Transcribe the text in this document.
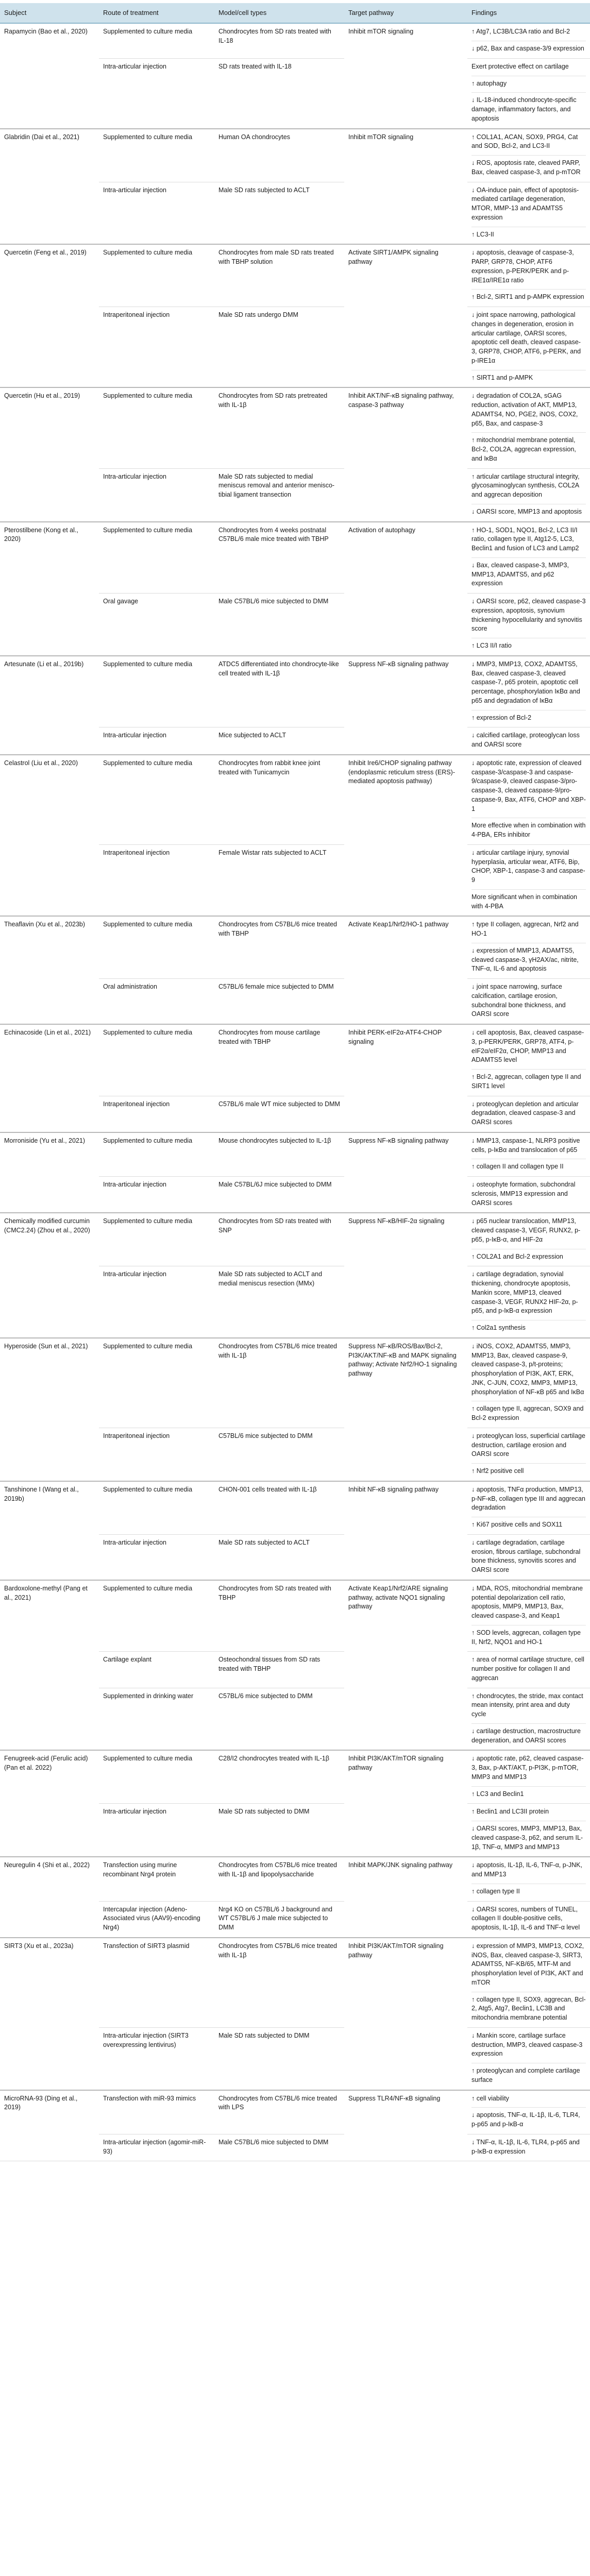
Subject	Route of treatment	Model/cell types	Target pathway	Findings
Rapamycin (Bao et al., 2020)	Supplemented to culture media	Chondrocytes from SD rats treated with IL-18	Inhibit mTOR signaling	↑ Atg7, LC3B/LC3A ratio and Bcl-2
↓ p62, Bax and caspase-3/9 expression

	Intra-articular injection	SD rats treated with IL-18		Exert protective effect on cartilage
↑ autophagy
↓ IL-18-induced chondrocyte-specific damage, inflammatory factors, and apoptosis

Glabridin (Dai et al., 2021)	Supplemented to culture media	Human OA chondrocytes	Inhibit mTOR signaling	↑ COL1A1, ACAN, SOX9, PRG4, Cat and SOD, Bcl-2, and LC3-II
↓ ROS, apoptosis rate, cleaved PARP, Bax, cleaved caspase-3, and p-mTOR

	Intra-articular injection	Male SD rats subjected to ACLT		↓ OA-induce pain, effect of apoptosis-mediated cartilage degeneration, MTOR, MMP-13 and ADAMTS5 expression
↑ LC3-II

Quercetin (Feng et al., 2019)	Supplemented to culture media	Chondrocytes from male SD rats treated with TBHP solution	Activate SIRT1/AMPK signaling pathway	↓ apoptosis, cleavage of caspase-3, PARP, GRP78, CHOP, ATF6 expression, p-PERK/PERK and p-IRE1α/IRE1α ratio
↑ Bcl-2, SIRT1 and p-AMPK expression

	Intraperitoneal injection	Male SD rats undergo DMM		↓ joint space narrowing, pathological changes in degeneration, erosion in articular cartilage, OARSI scores, apoptotic cell death, cleaved caspase-3, GRP78, CHOP, ATF6, p-PERK, and p-IRE1α
↑ SIRT1 and p-AMPK

Quercetin (Hu et al., 2019)	Supplemented to culture media	Chondrocytes from SD rats pretreated with IL-1β	Inhibit AKT/NF-κB signaling pathway, caspase-3 pathway	↓ degradation of COL2A, sGAG reduction, activation of AKT, MMP13, ADAMTS4, NO, PGE2, iNOS, COX2, p65, Bax, and caspase-3
↑ mitochondrial membrane potential, Bcl-2, COL2A, aggrecan expression, and IκBα

	Intra-articular injection	Male SD rats subjected to medial meniscus removal and anterior menisco-tibial ligament transection		↑ articular cartilage structural integrity, glycosaminoglycan synthesis, COL2A and aggrecan deposition
↓ OARSI score, MMP13 and apoptosis

Pterostilbene (Kong et al., 2020)	Supplemented to culture media	Chondrocytes from 4 weeks postnatal C57BL/6 male mice treated with TBHP	Activation of autophagy	↑ HO-1, SOD1, NQO1, Bcl-2, LC3 II/I ratio, collagen type II, Atg12-5, LC3, Beclin1 and fusion of LC3 and Lamp2
↓ Bax, cleaved caspase-3, MMP3, MMP13, ADAMTS5, and p62 expression

	Oral gavage	Male C57BL/6 mice subjected to DMM		↓ OARSI score, p62, cleaved caspase-3 expression, apoptosis, synovium thickening hypocellularity and synovitis score
↑ LC3 II/I ratio

Artesunate (Li et al., 2019b)	Supplemented to culture media	ATDC5 differentiated into chondrocyte-like cell treated with IL-1β	Suppress NF-κB signaling pathway	↓ MMP3, MMP13, COX2, ADAMTS5, Bax, cleaved caspase-3, cleaved caspase-7, p65 protein, apoptotic cell percentage, phosphorylation IκBα and p65 and degradation of IκBα
↑ expression of Bcl-2

	Intra-articular injection	Mice subjected to ACLT		↓ calcified cartilage, proteoglycan loss and OARSI score

Celastrol (Liu et al., 2020)	Supplemented to culture media	Chondrocytes from rabbit knee joint treated with Tunicamycin	Inhibit Ire6/CHOP signaling pathway (endoplasmic reticulum stress (ERS)-mediated apoptosis pathway)	↓ apoptotic rate, expression of cleaved caspase-3/caspase-3 and caspase-9/caspase-9, cleaved caspase-3/pro-caspase-3, cleaved caspase-9/pro-caspase-9, Bax, ATF6, CHOP and XBP-1
More effective when in combination with 4-PBA, ERs inhibitor

	Intraperitoneal injection	Female Wistar rats subjected to ACLT		↓ articular cartilage injury, synovial hyperplasia, articular wear, ATF6, Bip, CHOP, XBP-1, caspase-3 and caspase-9
More significant when in combination with 4-PBA

Theaflavin (Xu et al., 2023b)	Supplemented to culture media	Chondrocytes from C57BL/6 mice treated with TBHP	Activate Keap1/Nrf2/HO-1 pathway	↑ type II collagen, aggrecan, Nrf2 and HO-1
↓ expression of MMP13, ADAMTS5, cleaved caspase-3, γH2AX/ac, nitrite, TNF-α, IL-6 and apoptosis

	Oral administration	C57BL/6 female mice subjected to DMM		↓ joint space narrowing, surface calcification, cartilage erosion, subchondral bone thickness, and OARSI score

Echinacoside (Lin et al., 2021)	Supplemented to culture media	Chondrocytes from mouse cartilage treated with TBHP	Inhibit PERK-eIF2α-ATF4-CHOP signaling	↓ cell apoptosis, Bax, cleaved caspase-3, p-PERK/PERK, GRP78, ATF4, p-eIF2α/eIF2α, CHOP, MMP13 and ADAMTS5 level
↑ Bcl-2, aggrecan, collagen type II and SIRT1 level

	Intraperitoneal injection	C57BL/6 male WT mice subjected to DMM		↓ proteoglycan depletion and articular degradation, cleaved caspase-3 and OARSI scores

Morroniside (Yu et al., 2021)	Supplemented to culture media	Mouse chondrocytes subjected to IL-1β	Suppress NF-κB signaling pathway	↓ MMP13, caspase-1, NLRP3 positive cells, p-IκBα and translocation of p65
↑ collagen II and collagen type II

	Intra-articular injection	Male C57BL/6J mice subjected to DMM		↓ osteophyte formation, subchondral sclerosis, MMP13 expression and OARSI scores

Chemically modified curcumin (CMC2.24) (Zhou et al., 2020)	Supplemented to culture media	Chondrocytes from SD rats treated with SNP	Suppress NF-κB/HIF-2α signaling	↓ p65 nuclear translocation, MMP13, cleaved caspase-3, VEGF, RUNX2, p-p65, p-IκB-α, and HIF-2α
↑ COL2A1 and Bcl-2 expression

	Intra-articular injection	Male SD rats subjected to ACLT and medial meniscus resection (MMx)		↓ cartilage degradation, synovial thickening, chondrocyte apoptosis, Mankin score, MMP13, cleaved caspase-3, VEGF, RUNX2 HIF-2α, p-p65, and p-IκB-α expression
↑ Col2a1 synthesis

Hyperoside (Sun et al., 2021)	Supplemented to culture media	Chondrocytes from C57BL/6 mice treated with IL-1β	Suppress NF-κB/ROS/Bax/Bcl-2, PI3K/AKT/NF-κB and MAPK signaling pathway; Activate Nrf2/HO-1 signaling pathway	↓ iNOS, COX2, ADAMTS5, MMP3, MMP13, Bax, cleaved caspase-9, cleaved caspase-3, p/t-proteins; phosphorylation of PI3K, AKT, ERK, JNK, C-JUN, COX2, MMP3, MMP13, phosphorylation of NF-κB p65 and IκBα
↑ collagen type II, aggrecan, SOX9 and Bcl-2 expression

	Intraperitoneal injection	C57BL/6 mice subjected to DMM		↓ proteoglycan loss, superficial cartilage destruction, cartilage erosion and OARSI score
↑ Nrf2 positive cell

Tanshinone I (Wang et al., 2019b)	Supplemented to culture media	CHON-001 cells treated with IL-1β	Inhibit NF-κB signaling pathway	↓ apoptosis, TNFα production, MMP13, p-NF-κB, collagen type III and aggrecan degradation
↑ Ki67 positive cells and SOX11

	Intra-articular injection	Male SD rats subjected to ACLT		↓ cartilage degradation, cartilage erosion, fibrous cartilage, subchondral bone thickness, synovitis scores and OARSI score

Bardoxolone-methyl (Pang et al., 2021)	Supplemented to culture media	Chondrocytes from SD rats treated with TBHP	Activate Keap1/Nrf2/ARE signaling pathway, activate NQO1 signaling pathway	↓ MDA, ROS, mitochondrial membrane potential depolarization cell ratio, apoptosis, MMP9, MMP13, Bax, cleaved caspase-3, and Keap1
↑ SOD levels, aggrecan, collagen type II, Nrf2, NQO1 and HO-1

	Cartilage explant	Osteochondral tissues from SD rats treated with TBHP		↑ area of normal cartilage structure, cell number positive for collagen II and aggrecan

	Supplemented in drinking water	C57BL/6 mice subjected to DMM		↑ chondrocytes, the stride, max contact mean intensity, print area and duty cycle
↓ cartilage destruction, macrostructure degeneration, and OARSI scores

Fenugreek-acid (Ferulic acid) (Pan et al. 2022)	Supplemented to culture media	C28/I2 chondrocytes treated with IL-1β	Inhibit PI3K/AKT/mTOR signaling pathway	↓ apoptotic rate, p62, cleaved caspase-3, Bax, p-AKT/AKT, p-PI3K, p-mTOR, MMP3 and MMP13
↑ LC3 and Beclin1

	Intra-articular injection	Male SD rats subjected to DMM		↑ Beclin1 and LC3II protein
↓ OARSI scores, MMP3, MMP13, Bax, cleaved caspase-3, p62, and serum IL-1β, TNF-α, MMP3 and MMP13

Neuregulin 4 (Shi et al., 2022)	Transfection using murine recombinant Nrg4 protein	Chondrocytes from C57BL/6 mice treated with IL-1β and lipopolysaccharide	Inhibit MAPK/JNK signaling pathway	↓ apoptosis, IL-1β, IL-6, TNF-α, p-JNK, and MMP13
↑ collagen type II

	Intercapular injection (Adeno-Associated virus (AAV9)-encoding Nrg4)	Nrg4 KO on C57BL/6 J background and WT C57BL/6 J male mice subjected to DMM		↓ OARSI scores, numbers of TUNEL, collagen II double-positive cells, apoptosis, IL-1β, IL-6 and TNF-α level

SIRT3 (Xu et al., 2023a)	Transfection of SIRT3 plasmid	Chondrocytes from C57BL/6 mice treated with IL-1β	Inhibit PI3K/AKT/mTOR signaling pathway	↓ expression of MMP3, MMP13, COX2, iNOS, Bax, cleaved caspase-3, SIRT3, ADAMTS5, NF-KB/65, MTF-M and phosphorylation level of PI3K, AKT and mTOR
↑ collagen type II, SOX9, aggrecan, Bcl-2, Atg5, Atg7, Beclin1, LC3B and mitochondria membrane potential

	Intra-articular injection (SIRT3 overexpressing lentivirus)	Male SD rats subjected to DMM		↓ Mankin score, cartilage surface destruction, MMP3, cleaved caspase-3 expression
↑ proteoglycan and complete cartilage surface

MicroRNA-93 (Ding et al., 2019)	Transfection with miR-93 mimics	Chondrocytes from C57BL/6 mice treated with LPS	Suppress TLR4/NF-κB signaling	↑ cell viability
↓ apoptosis, TNF-α, IL-1β, IL-6, TLR4, p-p65 and p-IκB-α

	Intra-articular injection (agomir-miR-93)	Male C57BL/6 mice subjected to DMM		↓ TNF-α, IL-1β, IL-6, TLR4, p-p65 and p-IκB-α expression
